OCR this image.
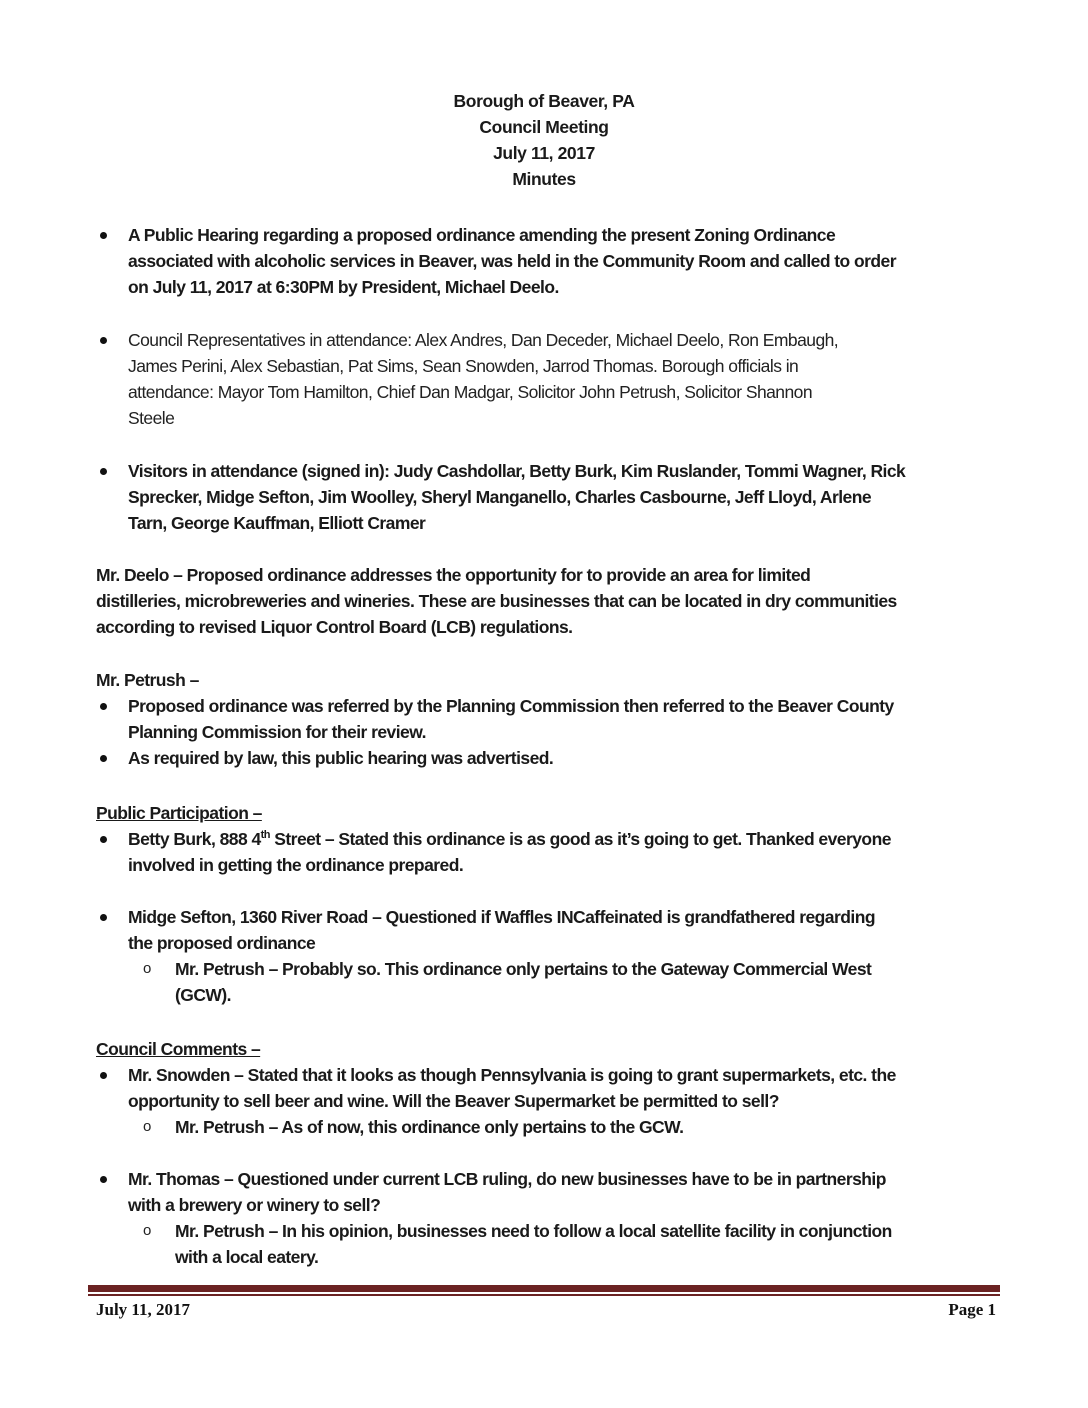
Borough of Beaver, PA
Council Meeting
July 11, 2017
Minutes
A Public Hearing regarding a proposed ordinance amending the present Zoning Ordinance
associated with alcoholic services in Beaver, was held in the Community Room and called to order
on July 11, 2017 at 6:30PM by President, Michael Deelo.
Council Representatives in attendance: Alex Andres, Dan Deceder, Michael Deelo, Ron Embaugh,
James Perini, Alex Sebastian, Pat Sims, Sean Snowden, Jarrod Thomas. Borough officials in
attendance: Mayor Tom Hamilton, Chief Dan Madgar, Solicitor John Petrush, Solicitor Shannon
Steele
Visitors in attendance (signed in): Judy Cashdollar, Betty Burk, Kim Ruslander, Tommi Wagner, Rick
Sprecker, Midge Sefton, Jim Woolley, Sheryl Manganello, Charles Casbourne, Jeff Lloyd, Arlene
Tarn, George Kauffman, Elliott Cramer
Mr. Deelo – Proposed ordinance addresses the opportunity for to provide an area for limited
distilleries, microbreweries and wineries. These are businesses that can be located in dry communities
according to revised Liquor Control Board (LCB) regulations.
Mr. Petrush –
Proposed ordinance was referred by the Planning Commission then referred to the Beaver County
Planning Commission for their review.
As required by law, this public hearing was advertised.
Public Participation –
Betty Burk, 888 4th Street – Stated this ordinance is as good as it’s going to get. Thanked everyone
involved in getting the ordinance prepared.
Midge Sefton, 1360 River Road – Questioned if Waffles INCaffeinated is grandfathered regarding
the proposed ordinance
o Mr. Petrush – Probably so. This ordinance only pertains to the Gateway Commercial West
(GCW).
Council Comments –
Mr. Snowden – Stated that it looks as though Pennsylvania is going to grant supermarkets, etc. the
opportunity to sell beer and wine. Will the Beaver Supermarket be permitted to sell?
o Mr. Petrush – As of now, this ordinance only pertains to the GCW.
Mr. Thomas – Questioned under current LCB ruling, do new businesses have to be in partnership
with a brewery or winery to sell?
o Mr. Petrush – In his opinion, businesses need to follow a local satellite facility in conjunction
with a local eatery.
July 11, 2017	Page 1
